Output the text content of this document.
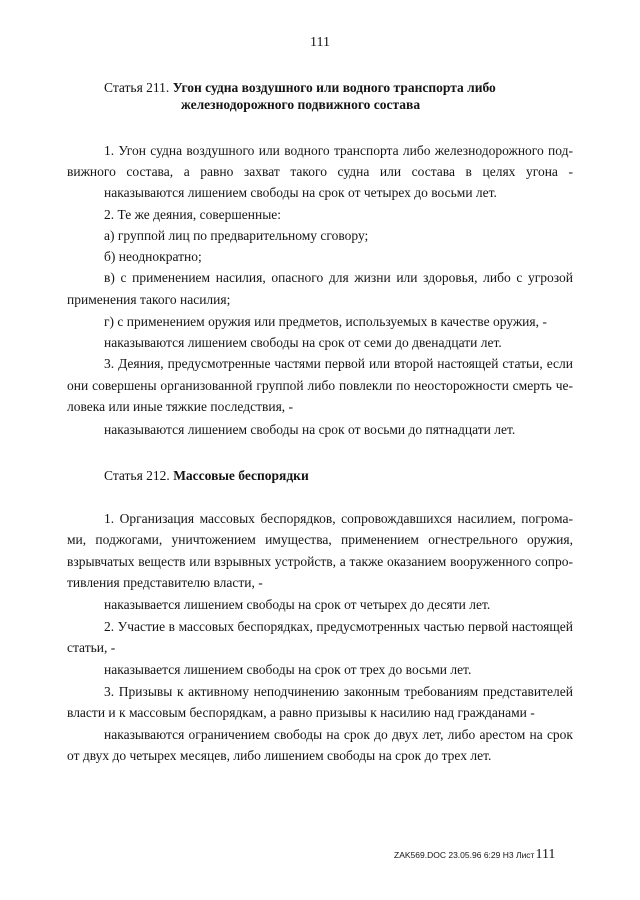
111
Статья 211. Угон судна воздушного или водного транспорта либо
железнодорожного подвижного состава
1. Угон судна воздушного или водного транспорта либо железнодорожного под-
вижного состава, а равно захват такого судна или состава в целях угона -
наказываются лишением свободы на срок от четырех до восьми лет.
2. Те же деяния, совершенные:
а) группой лиц по предварительному сговору;
б) неоднократно;
в) с применением насилия, опасного для жизни или здоровья, либо с угрозой
применения такого насилия;
г) с применением оружия или предметов, используемых в качестве оружия, -
наказываются лишением свободы на срок от семи до двенадцати лет.
3. Деяния, предусмотренные частями первой или второй настоящей статьи, если
они совершены организованной группой либо повлекли по неосторожности смерть че-
ловека или иные тяжкие последствия, -
наказываются лишением свободы на срок от восьми до пятнадцати лет.
Статья 212. Массовые беспорядки
1. Организация массовых беспорядков, сопровождавшихся насилием, погрома-
ми, поджогами, уничтожением имущества, применением огнестрельного оружия,
взрывчатых веществ или взрывных устройств, а также оказанием вооруженного сопро-
тивления представителю власти, -
наказывается лишением свободы на срок от четырех до десяти лет.
2. Участие в массовых беспорядках, предусмотренных частью первой настоящей
статьи, -
наказывается лишением свободы на срок от трех до восьми лет.
3. Призывы к активному неподчинению законным требованиям представителей
власти и к массовым беспорядкам, а равно призывы к насилию над гражданами -
наказываются ограничением свободы на срок до двух лет, либо арестом на срок
от двух до четырех месяцев, либо лишением свободы на срок до трех лет.
ZAK569.DOC 23.05.96 6:29 Н3 Лист111
